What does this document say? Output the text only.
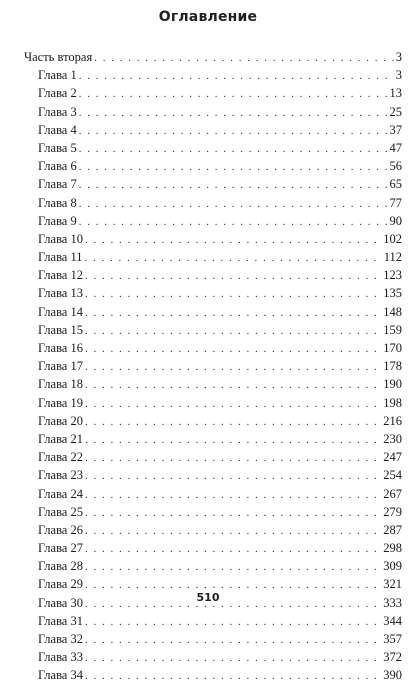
Оглавление
Часть вторая . . .	3
Глава 1 . . .	3
Глава 2 . . .	13
Глава 3 . . .	25
Глава 4 . . .	37
Глава 5 . . .	47
Глава 6 . . .	56
Глава 7 . . .	65
Глава 8 . . .	77
Глава 9 . . .	90
Глава 10 . . .	102
Глава 11 . . .	112
Глава 12 . . .	123
Глава 13 . . .	135
Глава 14 . . .	148
Глава 15 . . .	159
Глава 16 . . .	170
Глава 17 . . .	178
Глава 18 . . .	190
Глава 19 . . .	198
Глава 20 . . .	216
Глава 21 . . .	230
Глава 22 . . .	247
Глава 23 . . .	254
Глава 24 . . .	267
Глава 25 . . .	279
Глава 26 . . .	287
Глава 27 . . .	298
Глава 28 . . .	309
Глава 29 . . .	321
Глава 30 . . .	333
Глава 31 . . .	344
Глава 32 . . .	357
Глава 33 . . .	372
Глава 34 . . .	390
510
